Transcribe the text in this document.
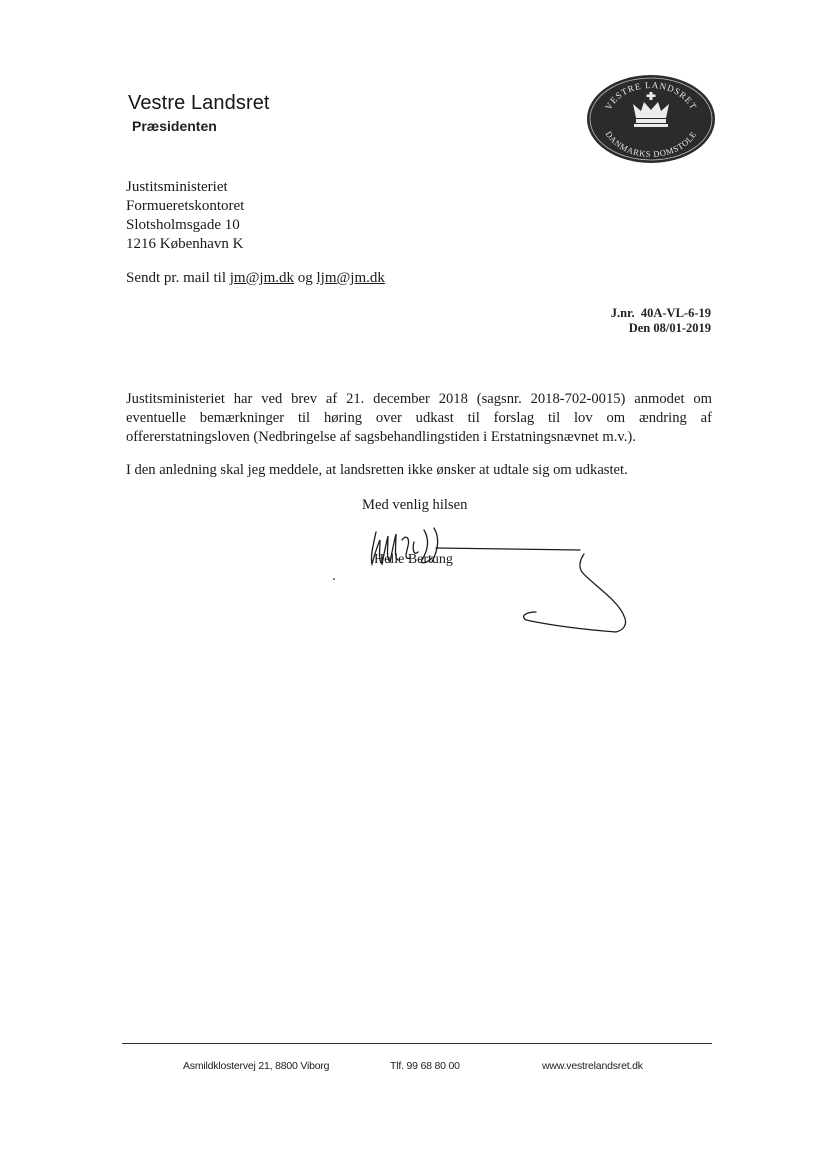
Vestre Landsret
Præsidenten
VESTRE LANDSRET
DANMARKS DOMSTOLE
Justitsministeriet
Formueretskontoret
Slotsholmsgade 10
1216 København K
Sendt pr. mail til jm@jm.dk og ljm@jm.dk
J.nr. 40A-VL-6-19
Den 08/01-2019
Justitsministeriet har ved brev af 21. december 2018 (sagsnr. 2018-702-0015) anmodet om eventuelle bemærkninger til høring over udkast til forslag til lov om ændring af offererstatningsloven (Nedbringelse af sagsbehandlingstiden i Erstatningsnævnet m.v.).
I den anledning skal jeg meddele, at landsretten ikke ønsker at udtale sig om udkastet.
Med venlig hilsen
Helle Bertung
Asmildklostervej 21, 8800 Viborg	Tlf. 99 68 80 00	www.vestrelandsret.dk
